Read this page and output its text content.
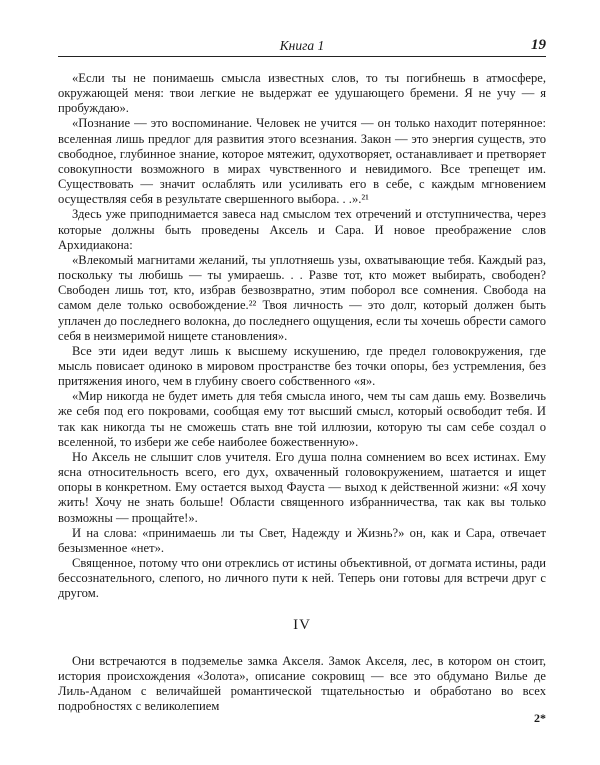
Книга 1	19

«Если ты не понимаешь смысла известных слов, то ты погибнешь в атмосфере, окружающей меня: твои легкие не выдержат ее удушающего бремени. Я не учу — я пробуждаю».

«Познание — это воспоминание. Человек не учится — он только находит потерянное: вселенная лишь предлог для развития этого всезнания. Закон — это энергия существ, это свободное, глубинное знание, которое мятежит, одухотворяет, останавливает и претворяет совокупности возможного в мирах чувственного и невидимого. Все трепещет им. Существовать — значит ослаблять или усиливать его в себе, с каждым мгновением осуществляя себя в результате свершенного выбора. . .».²¹

Здесь уже приподнимается завеса над смыслом тех отречений и отступничества, через которые должны быть проведены Аксель и Сара. И новое преображение слов Архидиакона:

«Влекомый магнитами желаний, ты уплотняешь узы, охватывающие тебя. Каждый раз, поскольку ты любишь — ты умираешь. . . Разве тот, кто может выбирать, свободен? Свободен лишь тот, кто, избрав безвозвратно, этим поборол все сомнения. Свобода на самом деле только освобождение.²² Твоя личность — это долг, который должен быть уплачен до последнего волокна, до последнего ощущения, если ты хочешь обрести самого себя в неизмеримой нищете становления».

Все эти идеи ведут лишь к высшему искушению, где предел головокружения, где мысль повисает одиноко в мировом пространстве без точки опоры, без устремления, без притяжения иного, чем в глубину своего собственного «я».

«Мир никогда не будет иметь для тебя смысла иного, чем ты сам дашь ему. Возвеличь же себя под его покровами, сообщая ему тот высший смысл, который освободит тебя. И так как никогда ты не сможешь стать вне той иллюзии, которую ты сам себе создал о вселенной, то избери же себе наиболее божественную».

Но Аксель не слышит слов учителя. Его душа полна сомнением во всех истинах. Ему ясна относительность всего, его дух, охваченный головокружением, шатается и ищет опоры в конкретном. Ему остается выход Фауста — выход к действенной жизни: «Я хочу жить! Хочу не знать больше! Области священного избранничества, так как вы только возможны — прощайте!».

И на слова: «принимаешь ли ты Свет, Надежду и Жизнь?» он, как и Сара, отвечает безызменное «нет».

Священное, потому что они отреклись от истины объективной, от догмата истины, ради бессознательного, слепого, но личного пути к ней. Теперь они готовы для встречи друг с другом.

IV

Они встречаются в подземелье замка Акселя. Замок Акселя, лес, в котором он стоит, история происхождения «Золота», описание сокровищ — все это обдумано Вилье де Лиль-Аданом с величайшей романтической тщательностью и обработано во всех подробностях с великолепием

2*
